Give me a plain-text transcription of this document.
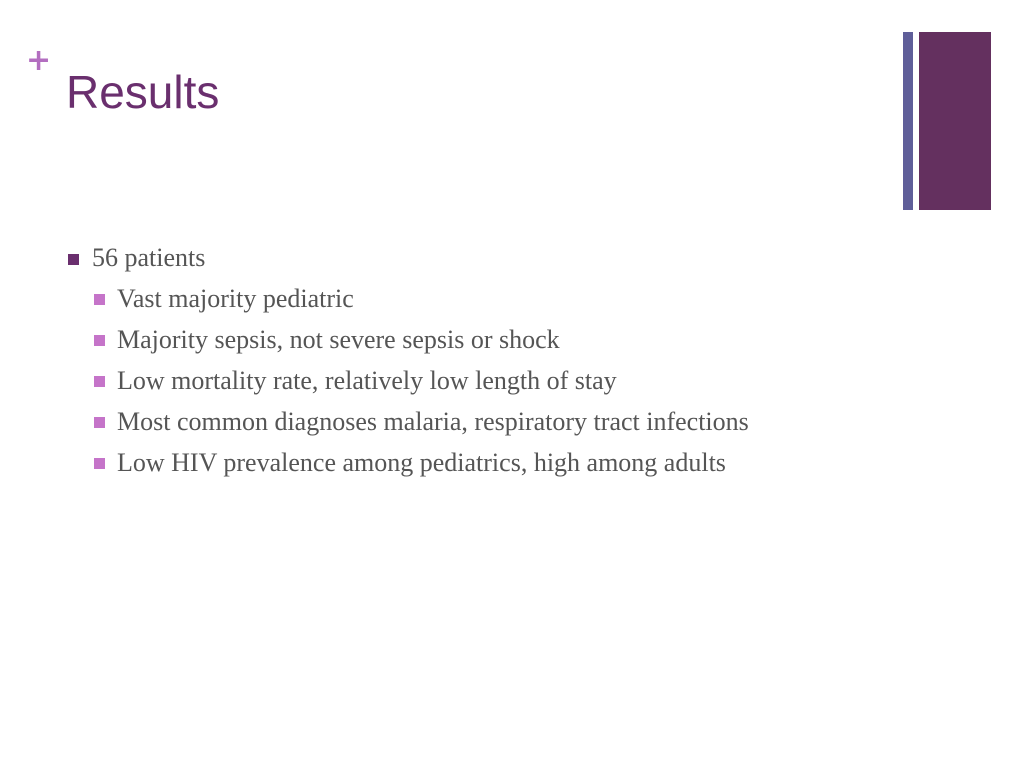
+
Results
56 patients
Vast majority pediatric
Majority sepsis, not severe sepsis or shock
Low mortality rate, relatively low length of stay
Most common diagnoses malaria, respiratory tract infections
Low HIV prevalence among pediatrics, high among adults
